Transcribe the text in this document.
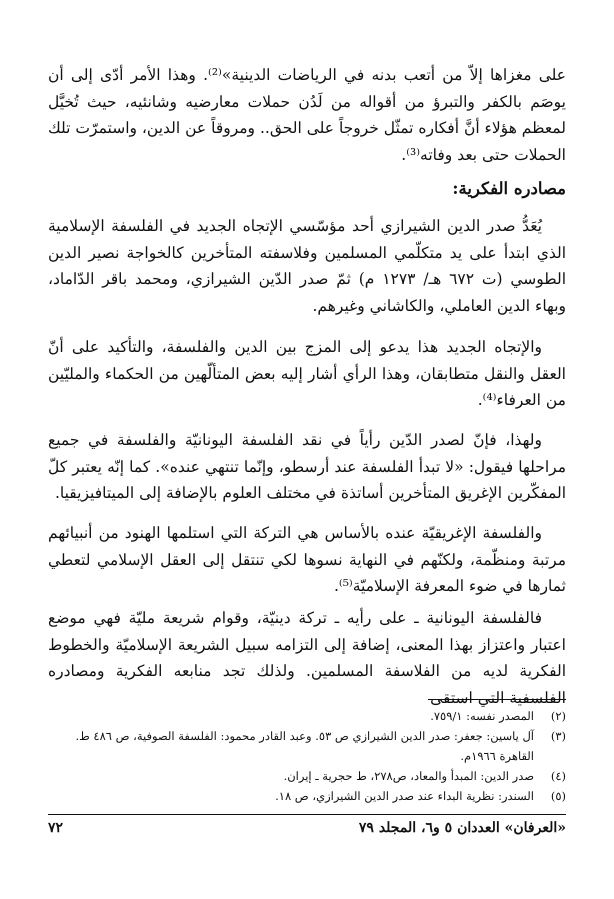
على مغزاها إلاّ من أتعب بدنه في الرياضات الدينية»⁽²⁾. وهذا الأمر أدّى إلى أن يوصَم بالكفر والتبرؤ من أقواله من لَدُن حملات معارضيه وشانئيه، حيث تُخيَّل لمعظم هؤلاء أنَّ أفكاره تمثّل خروجاً على الحق.. ومروقاً عن الدين، واستمرّت تلك الحملات حتى بعد وفاته⁽³⁾.

مصادره الفكرية:

يُعَدُّ صدر الدين الشيرازي أحد مؤسّسي الإتجاه الجديد في الفلسفة الإسلامية الذي ابتدأ على يد متكلّمي المسلمين وفلاسفته المتأخرين كالخواجة نصير الدين الطوسي (ت ٦٧٢ هـ/ ١٢٧٣ م) ثمّ صدر الدّين الشيرازي، ومحمد باقر الدّاماد، وبهاء الدين العاملي، والكاشاني وغيرهم.

والإتجاه الجديد هذا يدعو إلى المزج بين الدين والفلسفة، والتأكيد على أنّ العقل والنقل متطابقان، وهذا الرأي أشار إليه بعض المتألّهين من الحكماء والمليّين من العرفاء⁽⁴⁾.

ولهذا، فإنّ لصدر الدّين رأياً في نقد الفلسفة اليونانيّة والفلسفة في جميع مراحلها فيقول: «لا تبدأ الفلسفة عند أرسطو، وإنّما تنتهي عنده». كما إنّه يعتبر كلّ المفكّرين الإغريق المتأخرين أساتذة في مختلف العلوم بالإضافة إلى الميتافيزيقيا.

والفلسفة الإغريقيّة عنده بالأساس هي التركة التي استلمها الهنود من أنبيائهم مرتبة ومنظّمة، ولكنّهم في النهاية نسوها لكي تنتقل إلى العقل الإسلامي لتعطي ثمارها في ضوء المعرفة الإسلاميّة⁽⁵⁾.

فالفلسفة اليونانية ـ على رأيه ـ تركة دينيّة، وقوام شريعة مليّة فهي موضع اعتبار واعتزاز بهذا المعنى، إضافة إلى التزامه سبيل الشريعة الإسلاميّة والخطوط الفكرية لديه من الفلاسفة المسلمين. ولذلك تجد منابعه الفكرية ومصادره الفلسفية التي استقى

(٢)
المصدر نفسه: ٧٥٩/١.
(٣)
آل ياسين: جعفر: صدر الدين الشيرازي ص ٥٣. وعبد القادر محمود: الفلسفة الصوفية، ص ٤٨٦ ط. القاهرة ١٩٦٦م.
(٤)
صدر الدين: المبدأ والمعاد، ص٢٧٨، ط حجرية ـ إيران.
(٥)
السندر: نظرية البداء عند صدر الدين الشيرازي، ص ١٨.
«العرفان» العددان ٥ و٦، المجلد ٧٩
٧٢
